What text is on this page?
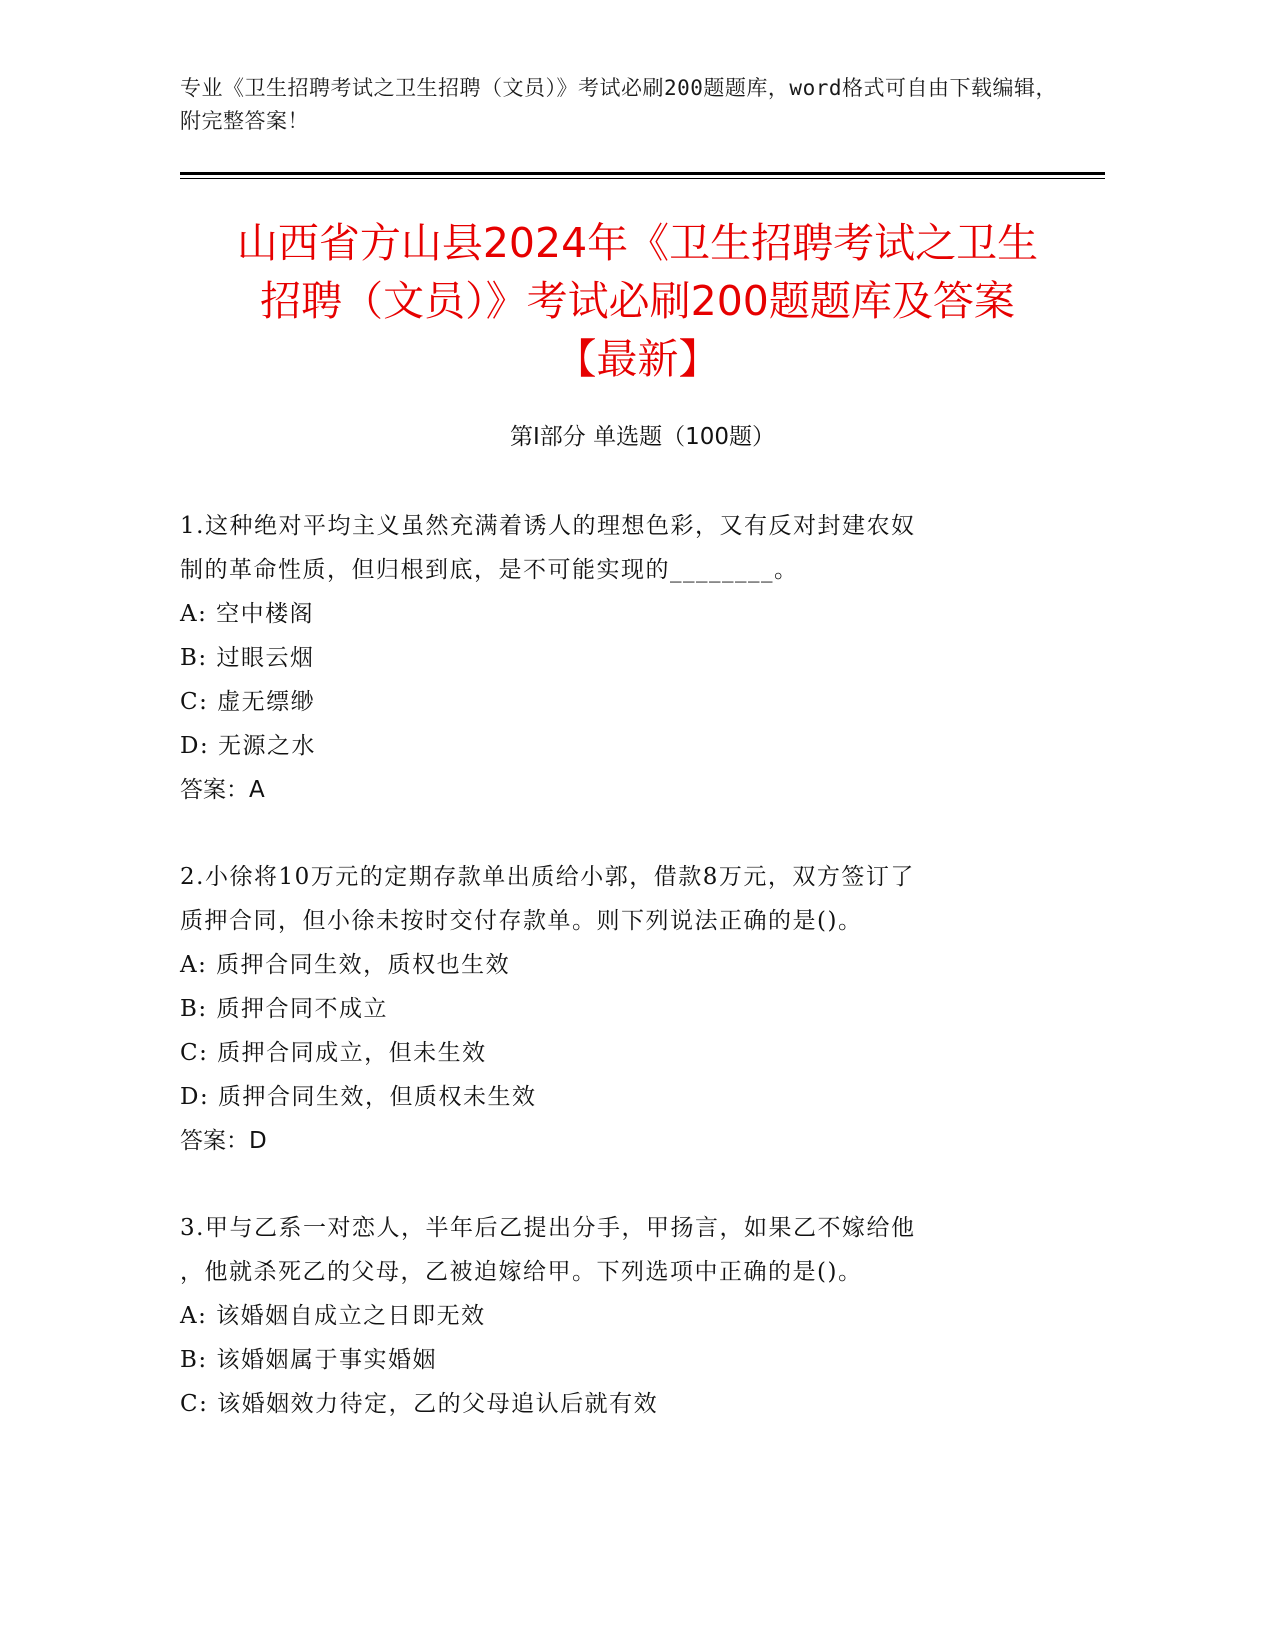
专业《卫生招聘考试之卫生招聘（文员）》考试必刷200题题库，word格式可自由下载编辑，附完整答案！
山西省方山县2024年《卫生招聘考试之卫生
招聘（文员）》考试必刷200题题库及答案
【最新】
第I部分 单选题（100题）
1.这种绝对平均主义虽然充满着诱人的理想色彩，又有反对封建农奴
制的革命性质，但归根到底，是不可能实现的________。
A: 空中楼阁
B: 过眼云烟
C: 虚无缥缈
D: 无源之水
答案：A
2.小徐将10万元的定期存款单出质给小郭，借款8万元，双方签订了
质押合同，但小徐未按时交付存款单。则下列说法正确的是()。
A: 质押合同生效，质权也生效
B: 质押合同不成立
C: 质押合同成立，但未生效
D: 质押合同生效，但质权未生效
答案：D
3.甲与乙系一对恋人，半年后乙提出分手，甲扬言，如果乙不嫁给他
，他就杀死乙的父母，乙被迫嫁给甲。下列选项中正确的是()。
A: 该婚姻自成立之日即无效
B: 该婚姻属于事实婚姻
C: 该婚姻效力待定，乙的父母追认后就有效
